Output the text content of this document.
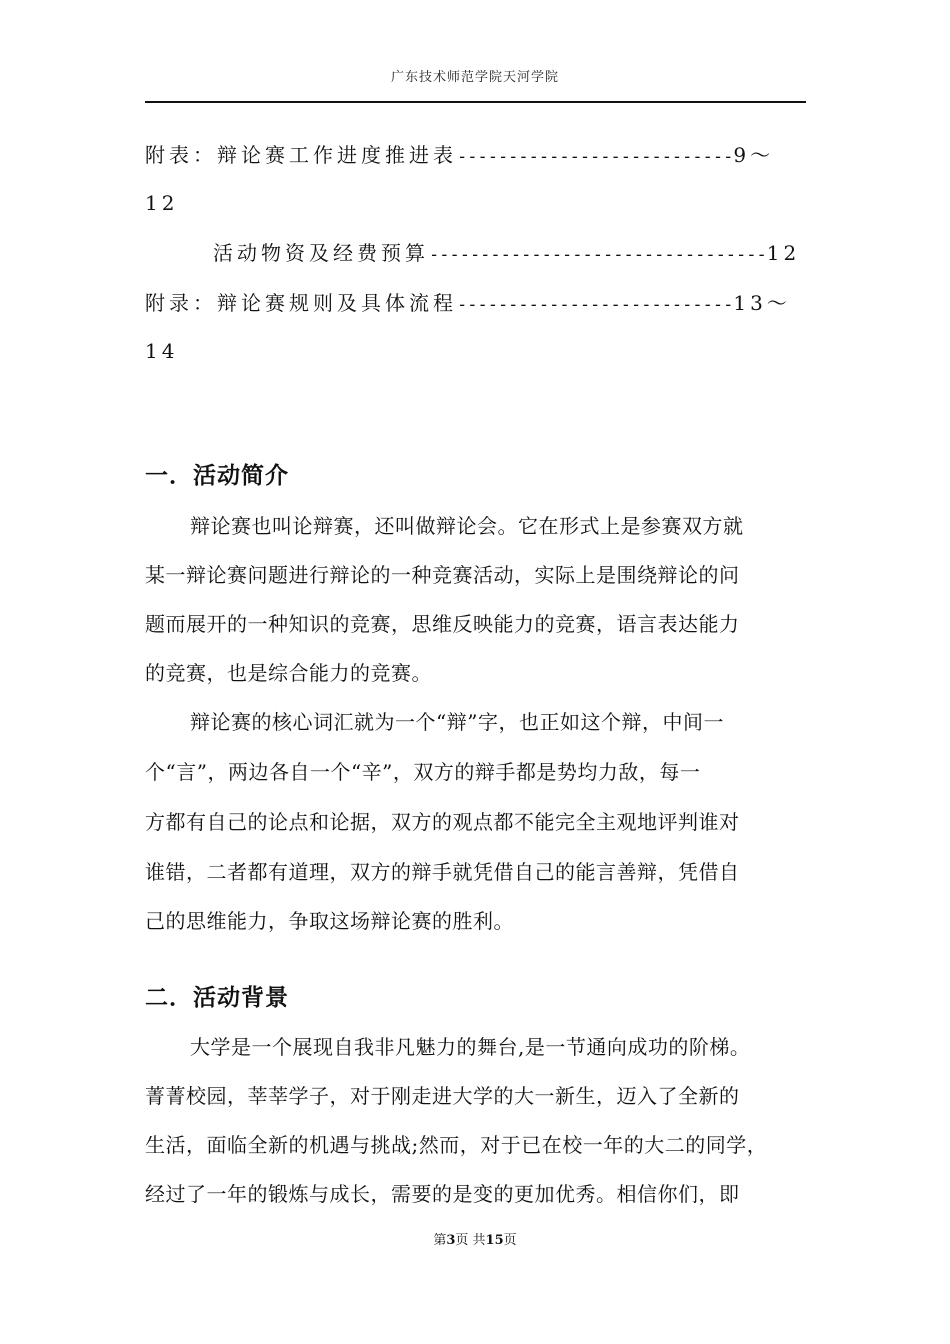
广东技术师范学院天河学院
附表：辩论赛工作进度推进表---------------------------9～
12
活动物资及经费预算---------------------------------12
附录：辩论赛规则及具体流程---------------------------13～
14
一．活动简介
辩论赛也叫论辩赛，还叫做辩论会。它在形式上是参赛双方就
某一辩论赛问题进行辩论的一种竞赛活动，实际上是围绕辩论的问
题而展开的一种知识的竞赛，思维反映能力的竞赛，语言表达能力
的竞赛，也是综合能力的竞赛。
辩论赛的核心词汇就为一个“辩”字，也正如这个辩，中间一
个“言”，两边各自一个“辛”，双方的辩手都是势均力敌，每一
方都有自己的论点和论据，双方的观点都不能完全主观地评判谁对
谁错，二者都有道理，双方的辩手就凭借自己的能言善辩，凭借自
己的思维能力，争取这场辩论赛的胜利。
二．活动背景
大学是一个展现自我非凡魅力的舞台,是一节通向成功的阶梯。
菁菁校园，莘莘学子，对于刚走进大学的大一新生，迈入了全新的
生活，面临全新的机遇与挑战;然而，对于已在校一年的大二的同学，
经过了一年的锻炼与成长，需要的是变的更加优秀。相信你们，即
第3页 共15页
